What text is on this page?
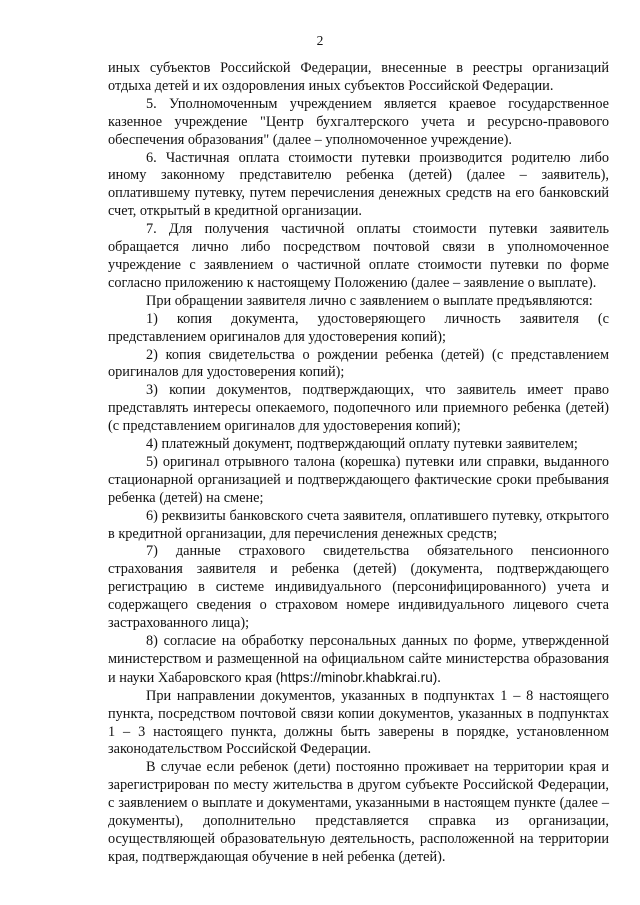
2

иных субъектов Российской Федерации, внесенные в реестры организаций отдыха детей и их оздоровления иных субъектов Российской Федерации.

5. Уполномоченным учреждением является краевое государственное казенное учреждение "Центр бухгалтерского учета и ресурсно-правового обеспечения образования" (далее – уполномоченное учреждение).

6. Частичная оплата стоимости путевки производится родителю либо иному законному представителю ребенка (детей) (далее – заявитель), оплатившему путевку, путем перечисления денежных средств на его банковский счет, открытый в кредитной организации.

7. Для получения частичной оплаты стоимости путевки заявитель обращается лично либо посредством почтовой связи в уполномоченное учреждение с заявлением о частичной оплате стоимости путевки по форме согласно приложению к настоящему Положению (далее – заявление о выплате).

При обращении заявителя лично с заявлением о выплате предъявляются:

1) копия документа, удостоверяющего личность заявителя (с представлением оригиналов для удостоверения копий);

2) копия свидетельства о рождении ребенка (детей) (с представлением оригиналов для удостоверения копий);

3) копии документов, подтверждающих, что заявитель имеет право представлять интересы опекаемого, подопечного или приемного ребенка (детей) (с представлением оригиналов для удостоверения копий);

4) платежный документ, подтверждающий оплату путевки заявителем;

5) оригинал отрывного талона (корешка) путевки или справки, выданного стационарной организацией и подтверждающего фактические сроки пребывания ребенка (детей) на смене;

6) реквизиты банковского счета заявителя, оплатившего путевку, открытого в кредитной организации, для перечисления денежных средств;

7) данные страхового свидетельства обязательного пенсионного страхования заявителя и ребенка (детей) (документа, подтверждающего регистрацию в системе индивидуального (персонифицированного) учета и содержащего сведения о страховом номере индивидуального лицевого счета застрахованного лица);

8) согласие на обработку персональных данных по форме, утвержденной министерством и размещенной на официальном сайте министерства образования и науки Хабаровского края (https://minobr.khabkrai.ru).

При направлении документов, указанных в подпунктах 1 – 8 настоящего пункта, посредством почтовой связи копии документов, указанных в подпунктах 1 – 3 настоящего пункта, должны быть заверены в порядке, установленном законодательством Российской Федерации.

В случае если ребенок (дети) постоянно проживает на территории края и зарегистрирован по месту жительства в другом субъекте Российской Федерации, с заявлением о выплате и документами, указанными в настоящем пункте (далее – документы), дополнительно представляется справка из организации, осуществляющей образовательную деятельность, расположенной на территории края, подтверждающая обучение в ней ребенка (детей).
